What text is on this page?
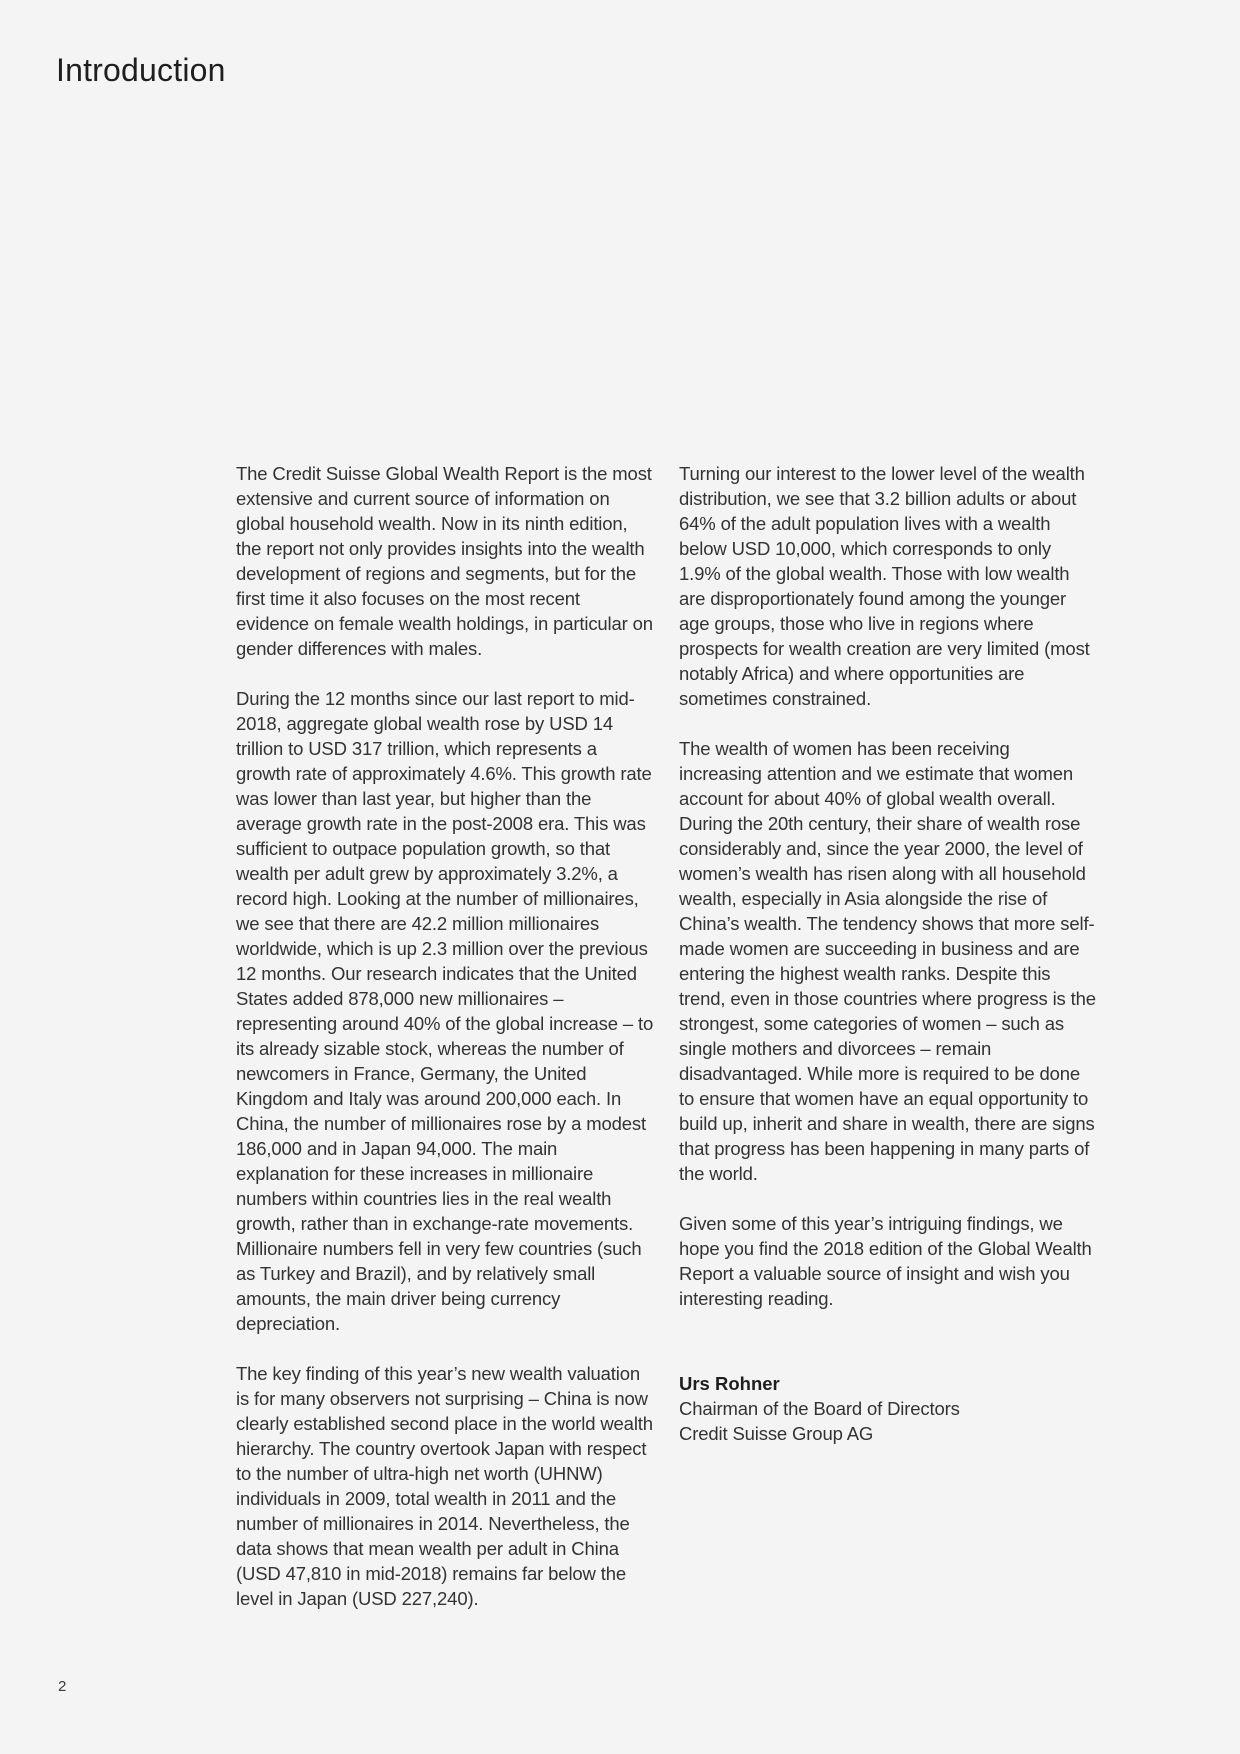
Introduction

The Credit Suisse Global Wealth Report is the most extensive and current source of information on global household wealth. Now in its ninth edition, the report not only provides insights into the wealth development of regions and segments, but for the first time it also focuses on the most recent evidence on female wealth holdings, in particular on gender differences with males.

During the 12 months since our last report to mid-2018, aggregate global wealth rose by USD 14 trillion to USD 317 trillion, which represents a growth rate of approximately 4.6%. This growth rate was lower than last year, but higher than the average growth rate in the post-2008 era. This was sufficient to outpace population growth, so that wealth per adult grew by approximately 3.2%, a record high. Looking at the number of millionaires, we see that there are 42.2 million millionaires worldwide, which is up 2.3 million over the previous 12 months. Our research indicates that the United States added 878,000 new millionaires – representing around 40% of the global increase – to its already sizable stock, whereas the number of newcomers in France, Germany, the United Kingdom and Italy was around 200,000 each. In China, the number of millionaires rose by a modest 186,000 and in Japan 94,000. The main explanation for these increases in millionaire numbers within countries lies in the real wealth growth, rather than in exchange-rate movements. Millionaire numbers fell in very few countries (such as Turkey and Brazil), and by relatively small amounts, the main driver being currency depreciation.

The key finding of this year’s new wealth valuation is for many observers not surprising – China is now clearly established second place in the world wealth hierarchy. The country overtook Japan with respect to the number of ultra-high net worth (UHNW) individuals in 2009, total wealth in 2011 and the number of millionaires in 2014. Nevertheless, the data shows that mean wealth per adult in China (USD 47,810 in mid-2018) remains far below the level in Japan (USD 227,240).

Turning our interest to the lower level of the wealth distribution, we see that 3.2 billion adults or about 64% of the adult population lives with a wealth below USD 10,000, which corresponds to only 1.9% of the global wealth. Those with low wealth are disproportionately found among the younger age groups, those who live in regions where prospects for wealth creation are very limited (most notably Africa) and where opportunities are sometimes constrained.

The wealth of women has been receiving increasing attention and we estimate that women account for about 40% of global wealth overall. During the 20th century, their share of wealth rose considerably and, since the year 2000, the level of women’s wealth has risen along with all household wealth, especially in Asia alongside the rise of China’s wealth. The tendency shows that more self-made women are succeeding in business and are entering the highest wealth ranks. Despite this trend, even in those countries where progress is the strongest, some categories of women – such as single mothers and divorcees – remain disadvantaged. While more is required to be done to ensure that women have an equal opportunity to build up, inherit and share in wealth, there are signs that progress has been happening in many parts of the world.

Given some of this year’s intriguing findings, we hope you find the 2018 edition of the Global Wealth Report a valuable source of insight and wish you interesting reading.

Urs Rohner
Chairman of the Board of Directors
Credit Suisse Group AG
2
